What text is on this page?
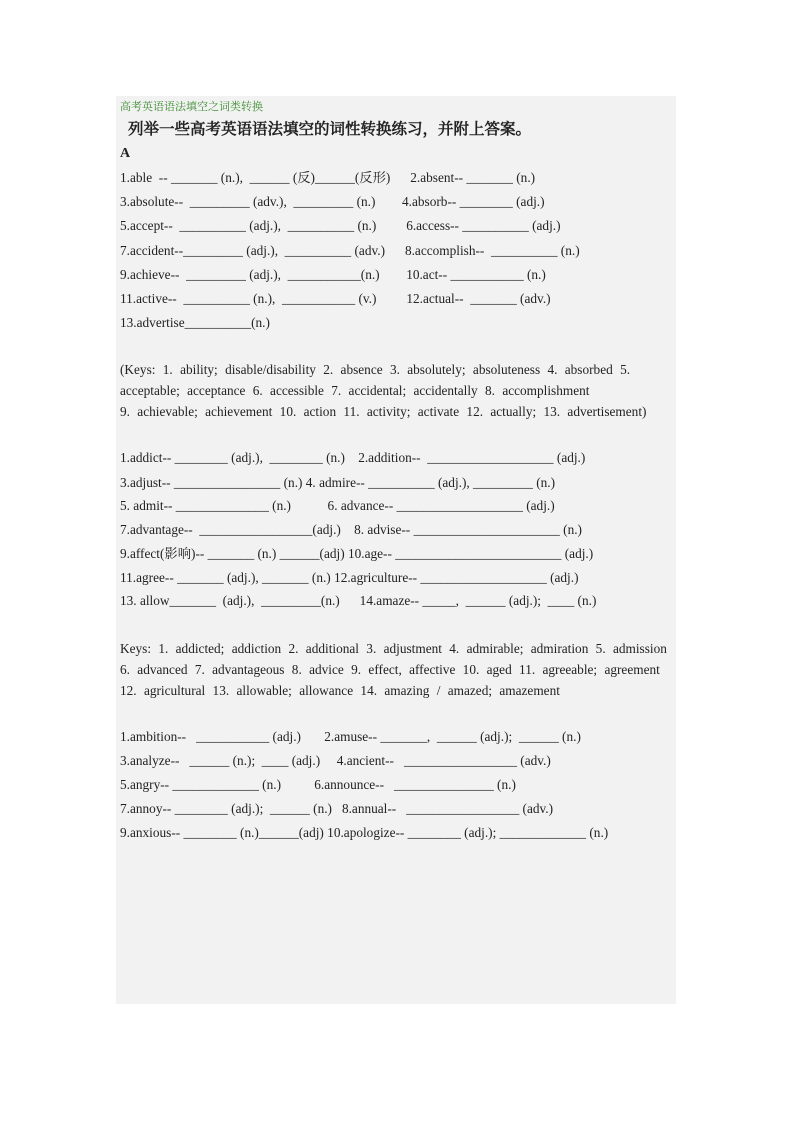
高考英语语法填空之词类转换
列举一些高考英语语法填空的词性转换练习，并附上答案。
A
1.able  -- _______ (n.),  ______ (反)______(反形)      2.absent-- _______ (n.)
3.absolute--  _________ (adv.),  _________ (n.)        4.absorb-- ________ (adj.)
5.accept--  __________ (adj.),  __________ (n.)         6.access-- __________ (adj.)
7.accident--_________ (adj.),  __________ (adv.)      8.accomplish--  __________ (n.)
9.achieve--  _________ (adj.),  ___________(n.)        10.act-- ___________ (n.)
11.active--  __________ (n.),  ___________ (v.)         12.actual--  _______ (adv.)
13.advertise__________(n.)
(Keys: 1. ability; disable/disability 2. absence 3. absolutely; absoluteness 4. absorbed 5. acceptable; acceptance 6. accessible 7. accidental; accidentally 8. accomplishment
9. achievable; achievement 10. action 11. activity; activate 12. actually; 13. advertisement)
1.addict-- ________ (adj.),  ________ (n.)    2.addition--  ___________________ (adj.)
3.adjust-- ________________ (n.) 4. admire-- __________ (adj.), _________ (n.)
5. admit-- ______________ (n.)           6. advance-- ___________________ (adj.)
7.advantage--  _________________(adj.)    8. advise-- ______________________ (n.)
9.affect(影响)-- _______ (n.) ______(adj) 10.age-- _________________________ (adj.)
11.agree-- _______ (adj.), _______ (n.) 12.agriculture-- ___________________ (adj.)
13. allow_______  (adj.),  _________(n.)      14.amaze-- _____,  ______ (adj.);  ____ (n.)
Keys: 1. addicted; addiction 2. additional 3. adjustment 4. admirable; admiration 5. admission 6. advanced 7. advantageous 8. advice 9. effect, affective 10. aged 11. agreeable; agreement 12. agricultural 13. allowable; allowance 14. amazing / amazed; amazement
1.ambition--   ___________ (adj.)       2.amuse-- _______,  ______ (adj.);  ______ (n.)
3.analyze--   ______ (n.);  ____ (adj.)     4.ancient--   _________________ (adv.)
5.angry-- _____________ (n.)          6.announce--   _______________ (n.)
7.annoy-- ________ (adj.);  ______ (n.)   8.annual--   _________________ (adv.)
9.anxious-- ________ (n.)______(adj) 10.apologize-- ________ (adj.); _____________ (n.)
